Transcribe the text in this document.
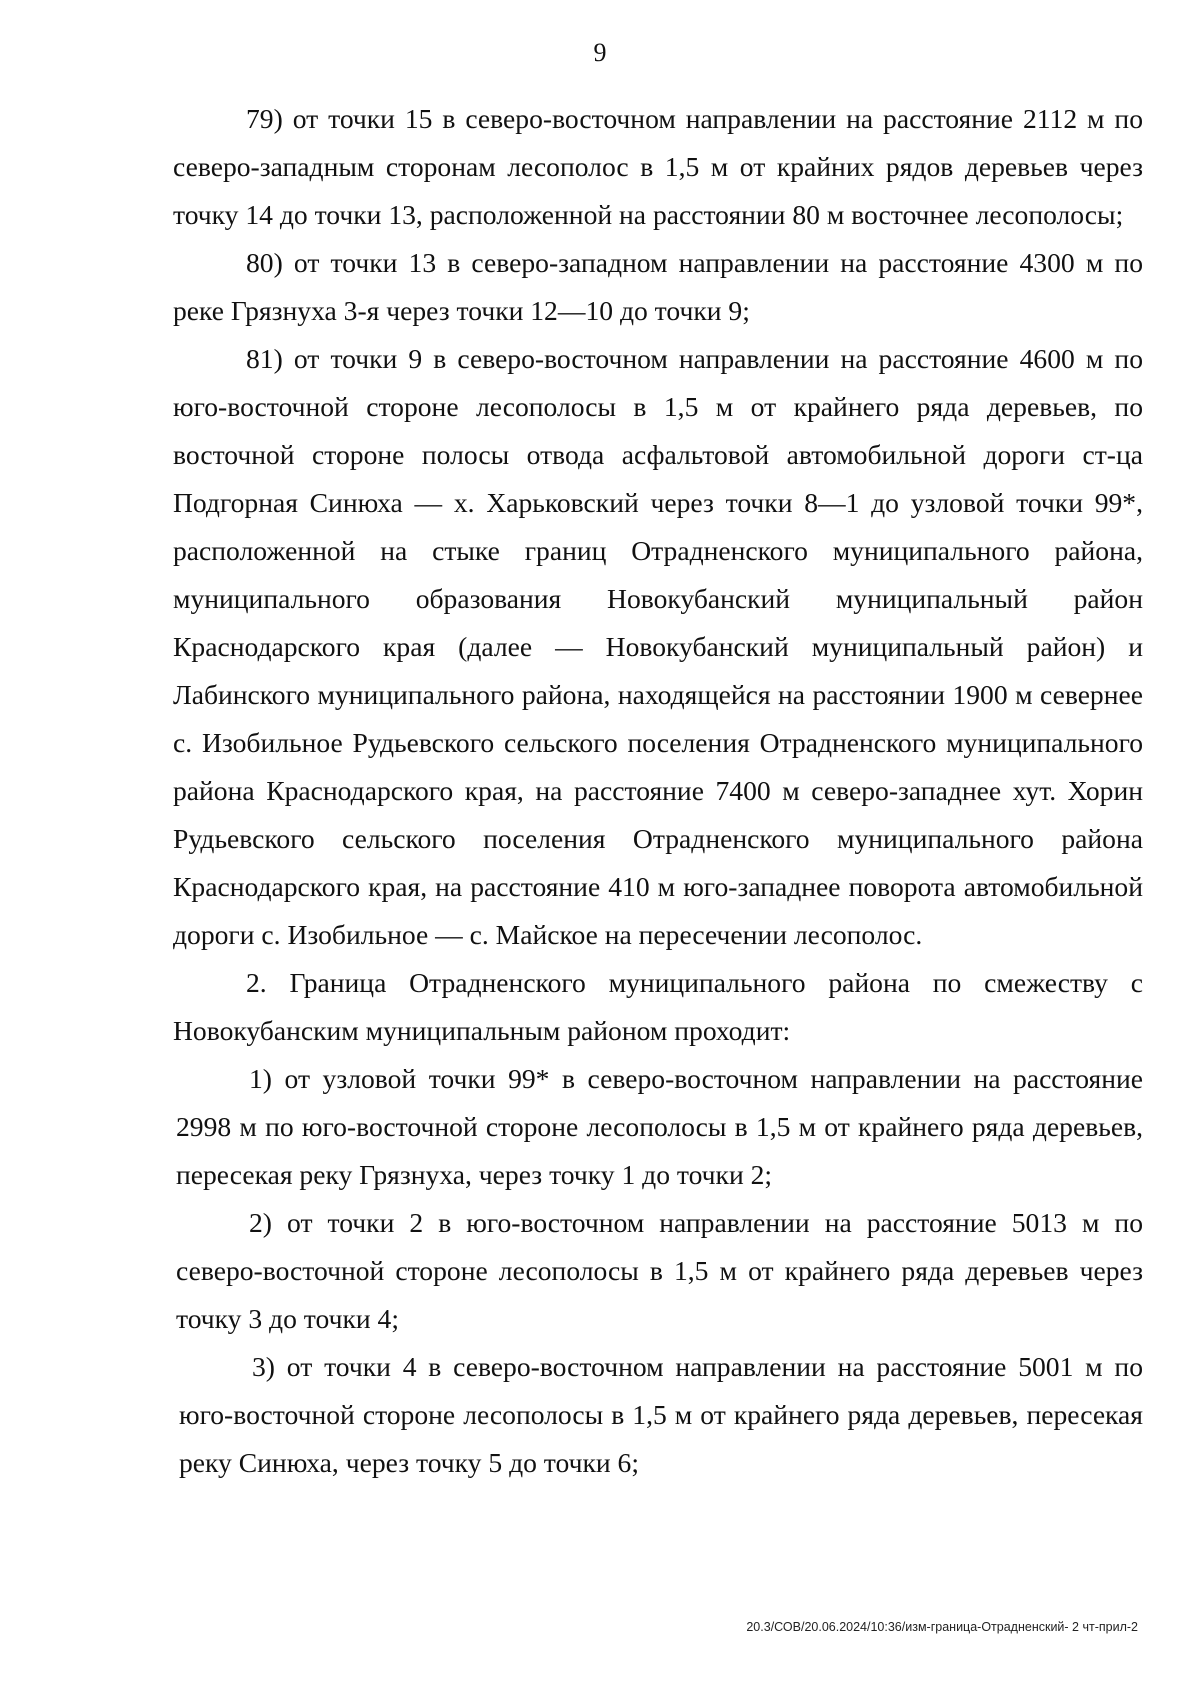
9

79) от точки 15 в северо-восточном направлении на расстояние 2112 м по северо-западным сторонам лесополос в 1,5 м от крайних рядов деревьев через точку 14 до точки 13, расположенной на расстоянии 80 м восточнее лесополосы;

80) от точки 13 в северо-западном направлении на расстояние 4300 м по реке Грязнуха 3-я через точки 12—10 до точки 9;

81) от точки 9 в северо-восточном направлении на расстояние 4600 м по юго-восточной стороне лесополосы в 1,5 м от крайнего ряда деревьев, по восточной стороне полосы отвода асфальтовой автомобильной дороги ст-ца Подгорная Синюха — х. Харьковский через точки 8—1 до узловой точки 99*, расположенной на стыке границ Отрадненского муниципального района, муниципального образования Новокубанский муниципальный район Краснодарского края (далее — Новокубанский муниципальный район) и Лабинского муниципального района, находящейся на расстоянии 1900 м севернее с. Изобильное Рудьевского сельского поселения Отрадненского муниципального района Краснодарского края, на расстояние 7400 м северо-западнее хут. Хорин Рудьевского сельского поселения Отрадненского муниципального района Краснодарского края, на расстояние 410 м юго-западнее поворота автомобильной дороги с. Изобильное — с. Майское на пересечении лесополос.

2. Граница Отрадненского муниципального района по смежеству с Новокубанским муниципальным районом проходит:

1) от узловой точки 99* в северо-восточном направлении на расстояние 2998 м по юго-восточной стороне лесополосы в 1,5 м от крайнего ряда деревьев, пересекая реку Грязнуха, через точку 1 до точки 2;

2) от точки 2 в юго-восточном направлении на расстояние 5013 м по северо-восточной стороне лесополосы в 1,5 м от крайнего ряда деревьев через точку 3 до точки 4;

3) от точки 4 в северо-восточном направлении на расстояние 5001 м по юго-восточной стороне лесополосы в 1,5 м от крайнего ряда деревьев, пересекая реку Синюха, через точку 5 до точки 6;

20.3/СОВ/20.06.2024/10:36/изм-граница-Отрадненский- 2 чт-прил-2
